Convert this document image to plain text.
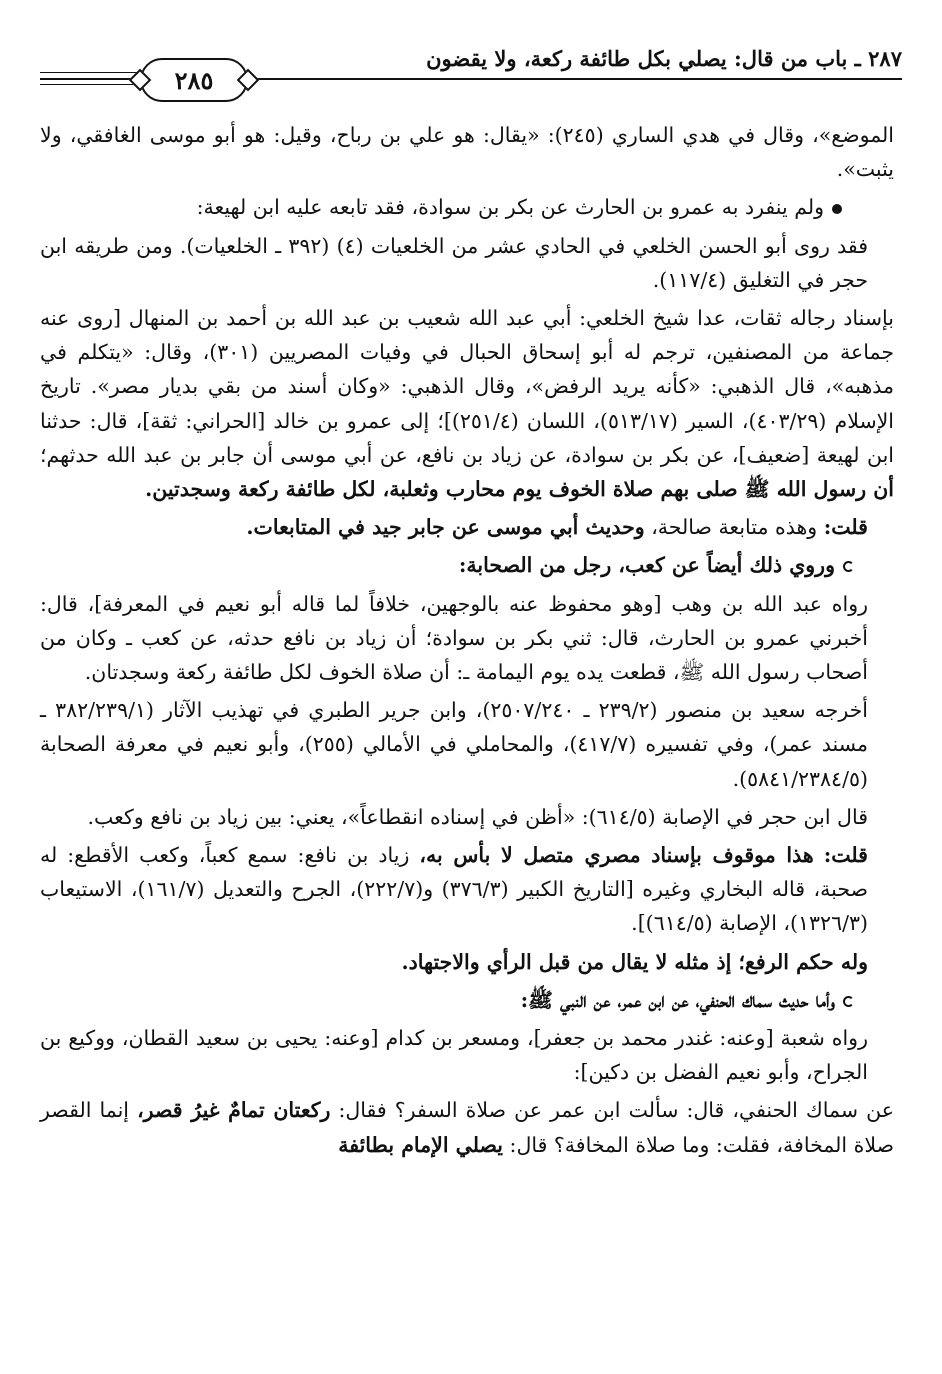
٢٨٧ ـ باب من قال: يصلي بكل طائفة ركعة، ولا يقضون
٢٨٥

الموضع»، وقال في هدي الساري (٢٤٥): «يقال: هو علي بن رباح، وقيل: هو أبو موسى الغافقي، ولا يثبت».

ولم ينفرد به عمرو بن الحارث عن بكر بن سوادة، فقد تابعه عليه ابن لهيعة:

فقد روى أبو الحسن الخلعي في الحادي عشر من الخلعيات (٤) (٣٩٢ ـ الخلعيات). ومن طريقه ابن حجر في التغليق (١١٧/٤).

بإسناد رجاله ثقات، عدا شيخ الخلعي: أبي عبد الله شعيب بن عبد الله بن أحمد بن المنهال [روى عنه جماعة من المصنفين، ترجم له أبو إسحاق الحبال في وفيات المصريين (٣٠١)، وقال: «يتكلم في مذهبه»، قال الذهبي: «كأنه يريد الرفض»، وقال الذهبي: «وكان أسند من بقي بديار مصر». تاريخ الإسلام (٤٠٣/٢٩)، السير (٥١٣/١٧)، اللسان (٢٥١/٤)]؛ إلى عمرو بن خالد [الحراني: ثقة]، قال: حدثنا ابن لهيعة [ضعيف]، عن بكر بن سوادة، عن زياد بن نافع، عن أبي موسى أن جابر بن عبد الله حدثهم؛ أن رسول الله ﷺ صلى بهم صلاة الخوف يوم محارب وثعلبة، لكل طائفة ركعة وسجدتين.

قلت: وهذه متابعة صالحة، وحديث أبي موسى عن جابر جيد في المتابعات.

وروي ذلك أيضاً عن كعب، رجل من الصحابة:

رواه عبد الله بن وهب [وهو محفوظ عنه بالوجهين، خلافاً لما قاله أبو نعيم في المعرفة]، قال: أخبرني عمرو بن الحارث، قال: ثني بكر بن سوادة؛ أن زياد بن نافع حدثه، عن كعب ـ وكان من أصحاب رسول الله ﷺ، قطعت يده يوم اليمامة ـ: أن صلاة الخوف لكل طائفة ركعة وسجدتان.

أخرجه سعيد بن منصور (٢٣٩/٢ ـ ٢٥٠٧/٢٤٠)، وابن جرير الطبري في تهذيب الآثار (٣٨٢/٢٣٩/١ ـ مسند عمر)، وفي تفسيره (٤١٧/٧)، والمحاملي في الأمالي (٢٥٥)، وأبو نعيم في معرفة الصحابة (٥٨٤١/٢٣٨٤/٥).

قال ابن حجر في الإصابة (٦١٤/٥): «أظن في إسناده انقطاعاً»، يعني: بين زياد بن نافع وكعب.

قلت: هذا موقوف بإسناد مصري متصل لا بأس به، زياد بن نافع: سمع كعباً، وكعب الأقطع: له صحبة، قاله البخاري وغيره [التاريخ الكبير (٣٧٦/٣) و(٢٢٢/٧)، الجرح والتعديل (١٦١/٧)، الاستيعاب (١٣٢٦/٣)، الإصابة (٦١٤/٥)].

وله حكم الرفع؛ إذ مثله لا يقال من قبل الرأي والاجتهاد.

وأما حديث سماك الحنفي، عن ابن عمر، عن النبي ﷺ:

رواه شعبة [وعنه: غندر محمد بن جعفر]، ومسعر بن كدام [وعنه: يحيى بن سعيد القطان، ووكيع بن الجراح، وأبو نعيم الفضل بن دكين]:

عن سماك الحنفي، قال: سألت ابن عمر عن صلاة السفر؟ فقال: ركعتان تمامٌ غيرُ قصر، إنما القصر صلاة المخافة، فقلت: وما صلاة المخافة؟ قال: يصلي الإمام بطائفة
